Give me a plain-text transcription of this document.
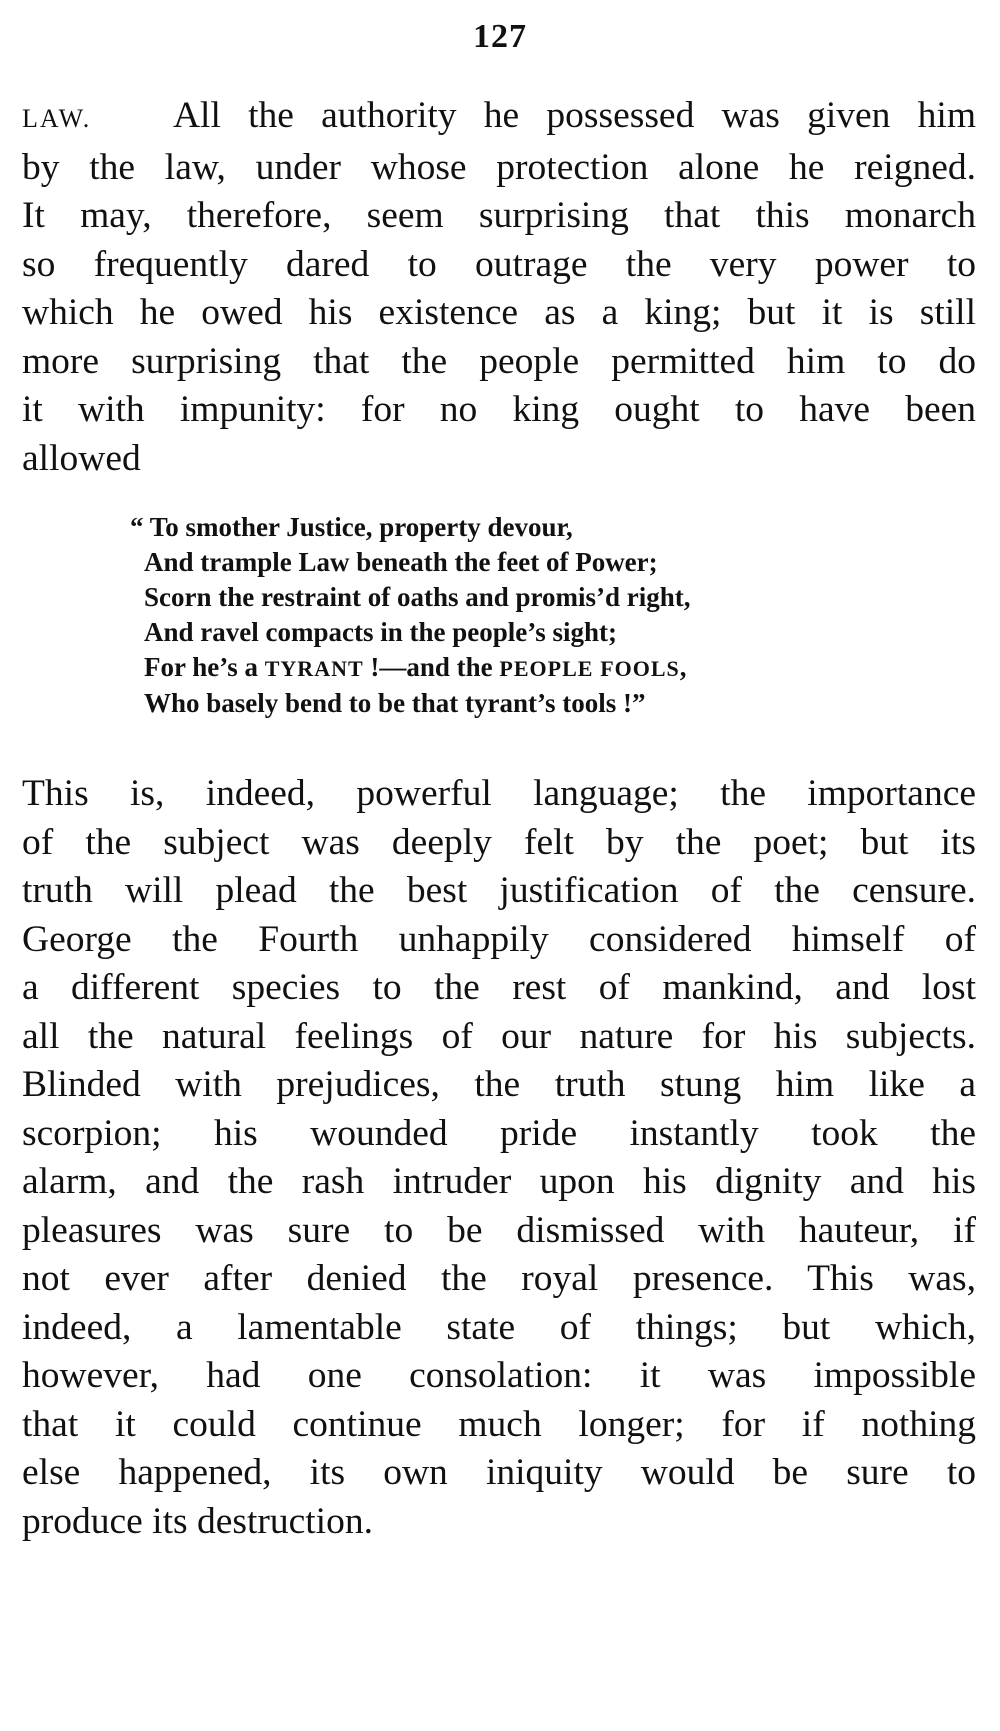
127
LAW. All the authority he possessed was given him
by the law, under whose protection alone he reigned.
It may, therefore, seem surprising that this monarch
so frequently dared to outrage the very power to
which he owed his existence as a king; but it is still
more surprising that the people permitted him to do
it with impunity: for no king ought to have been
allowed
“ To smother Justice, property devour,
And trample Law beneath the feet of Power;
Scorn the restraint of oaths and promis’d right,
And ravel compacts in the people’s sight;
For he’s a TYRANT !—and the PEOPLE FOOLS,
Who basely bend to be that tyrant’s tools !”
This is, indeed, powerful language; the importance
of the subject was deeply felt by the poet; but its
truth will plead the best justification of the censure.
George the Fourth unhappily considered himself of
a different species to the rest of mankind, and lost
all the natural feelings of our nature for his subjects.
Blinded with prejudices, the truth stung him like a
scorpion; his wounded pride instantly took the
alarm, and the rash intruder upon his dignity and his
pleasures was sure to be dismissed with hauteur, if
not ever after denied the royal presence. This was,
indeed, a lamentable state of things; but which,
however, had one consolation: it was impossible
that it could continue much longer; for if nothing
else happened, its own iniquity would be sure to
produce its destruction.
